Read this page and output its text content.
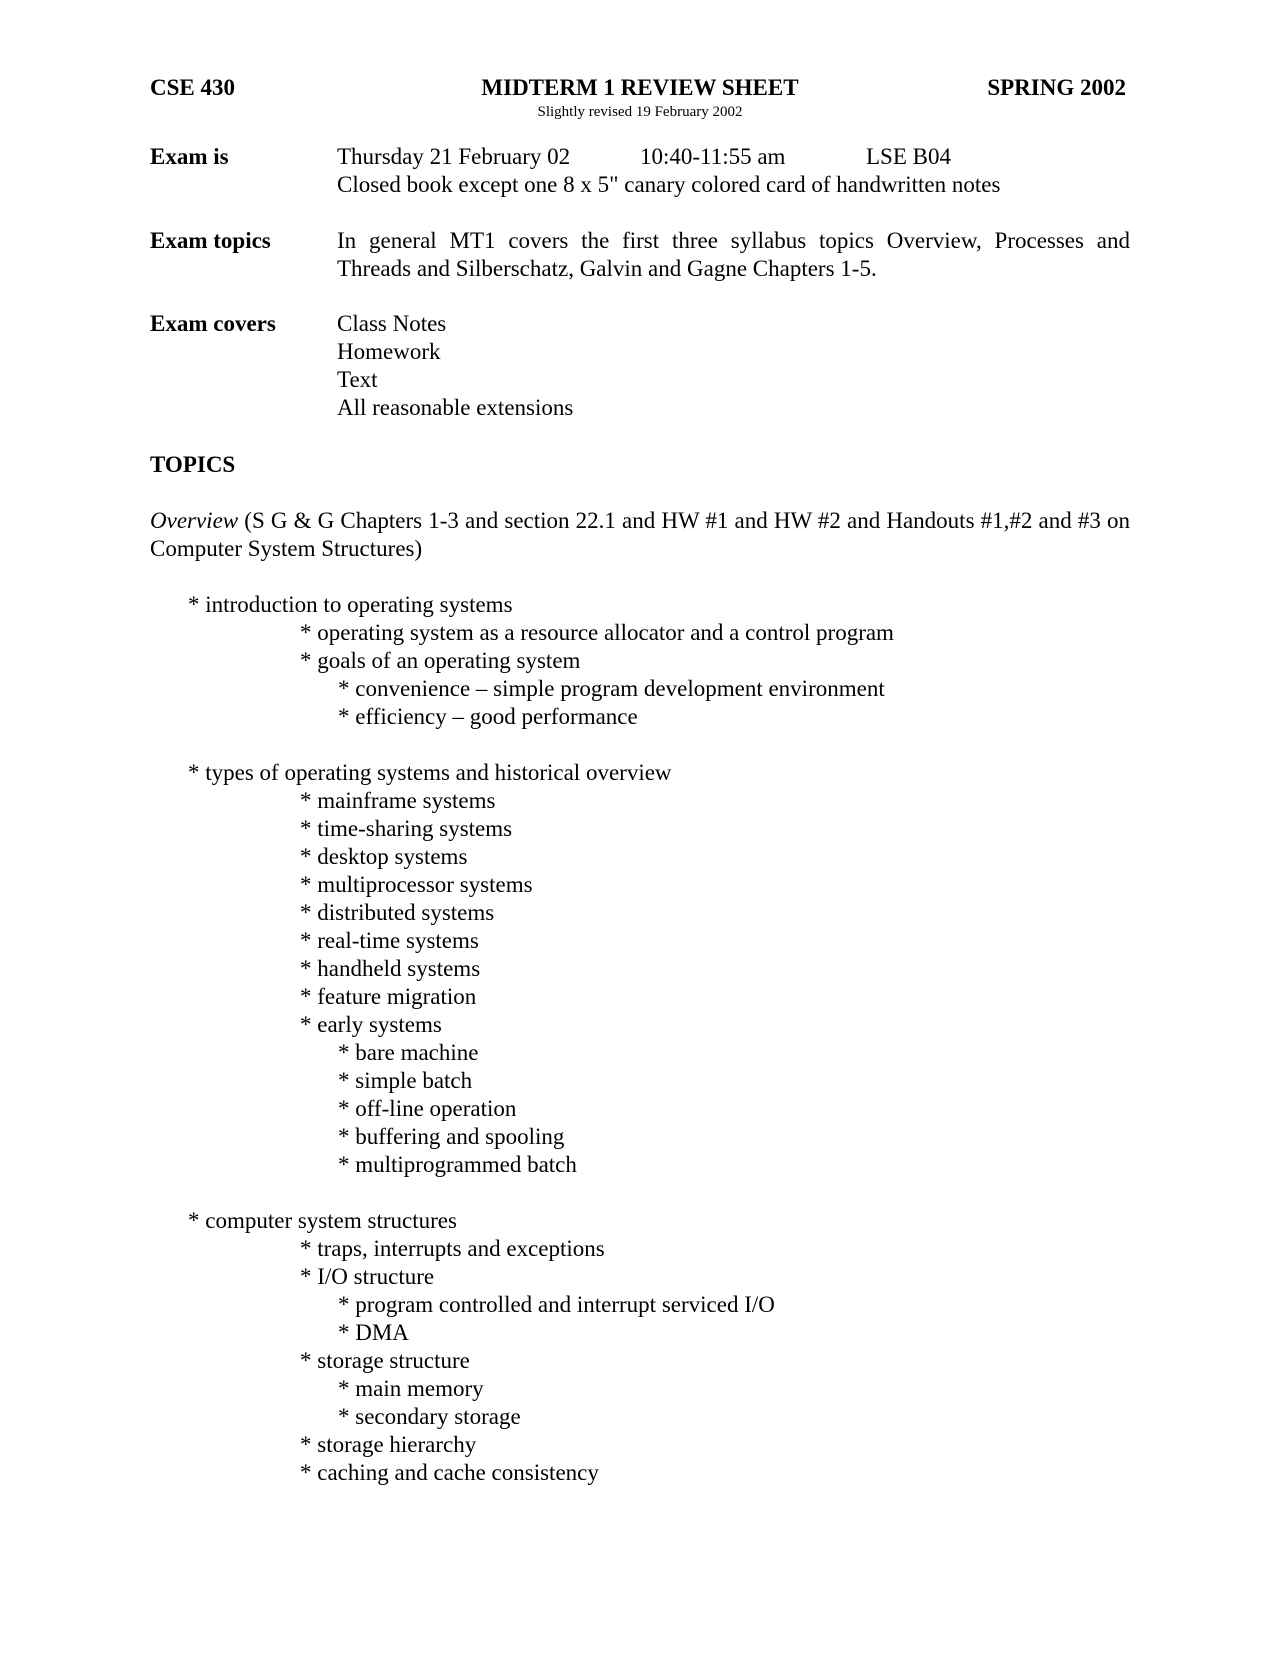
MIDTERM 1 REVIEW SHEET
CSE 430	SPRING 2002
Slightly revised 19 February 2002
Exam is	Thursday 21 February 02	10:40-11:55 am	LSE B04
Closed book except one 8 x 5" canary colored card of handwritten notes
Exam topics	In general MT1 covers the first three syllabus topics Overview, Processes and Threads and Silberschatz, Galvin and Gagne Chapters 1-5.
Exam covers	Class Notes
Homework
Text
All reasonable extensions
TOPICS
Overview (S G & G Chapters 1-3 and section 22.1 and HW #1 and HW #2 and Handouts #1,#2 and #3 on Computer System Structures)
* introduction to operating systems
* operating system as a resource allocator and a control program
* goals of an operating system
* convenience – simple program development environment
* efficiency – good performance
* types of operating systems and historical overview
* mainframe systems
* time-sharing systems
* desktop systems
* multiprocessor systems
* distributed systems
* real-time systems
* handheld systems
* feature migration
* early systems
* bare machine
* simple batch
* off-line operation
* buffering and spooling
* multiprogrammed batch
* computer system structures
* traps, interrupts and exceptions
* I/O structure
* program controlled and interrupt serviced I/O
* DMA
* storage structure
* main memory
* secondary storage
* storage hierarchy
* caching and cache consistency
